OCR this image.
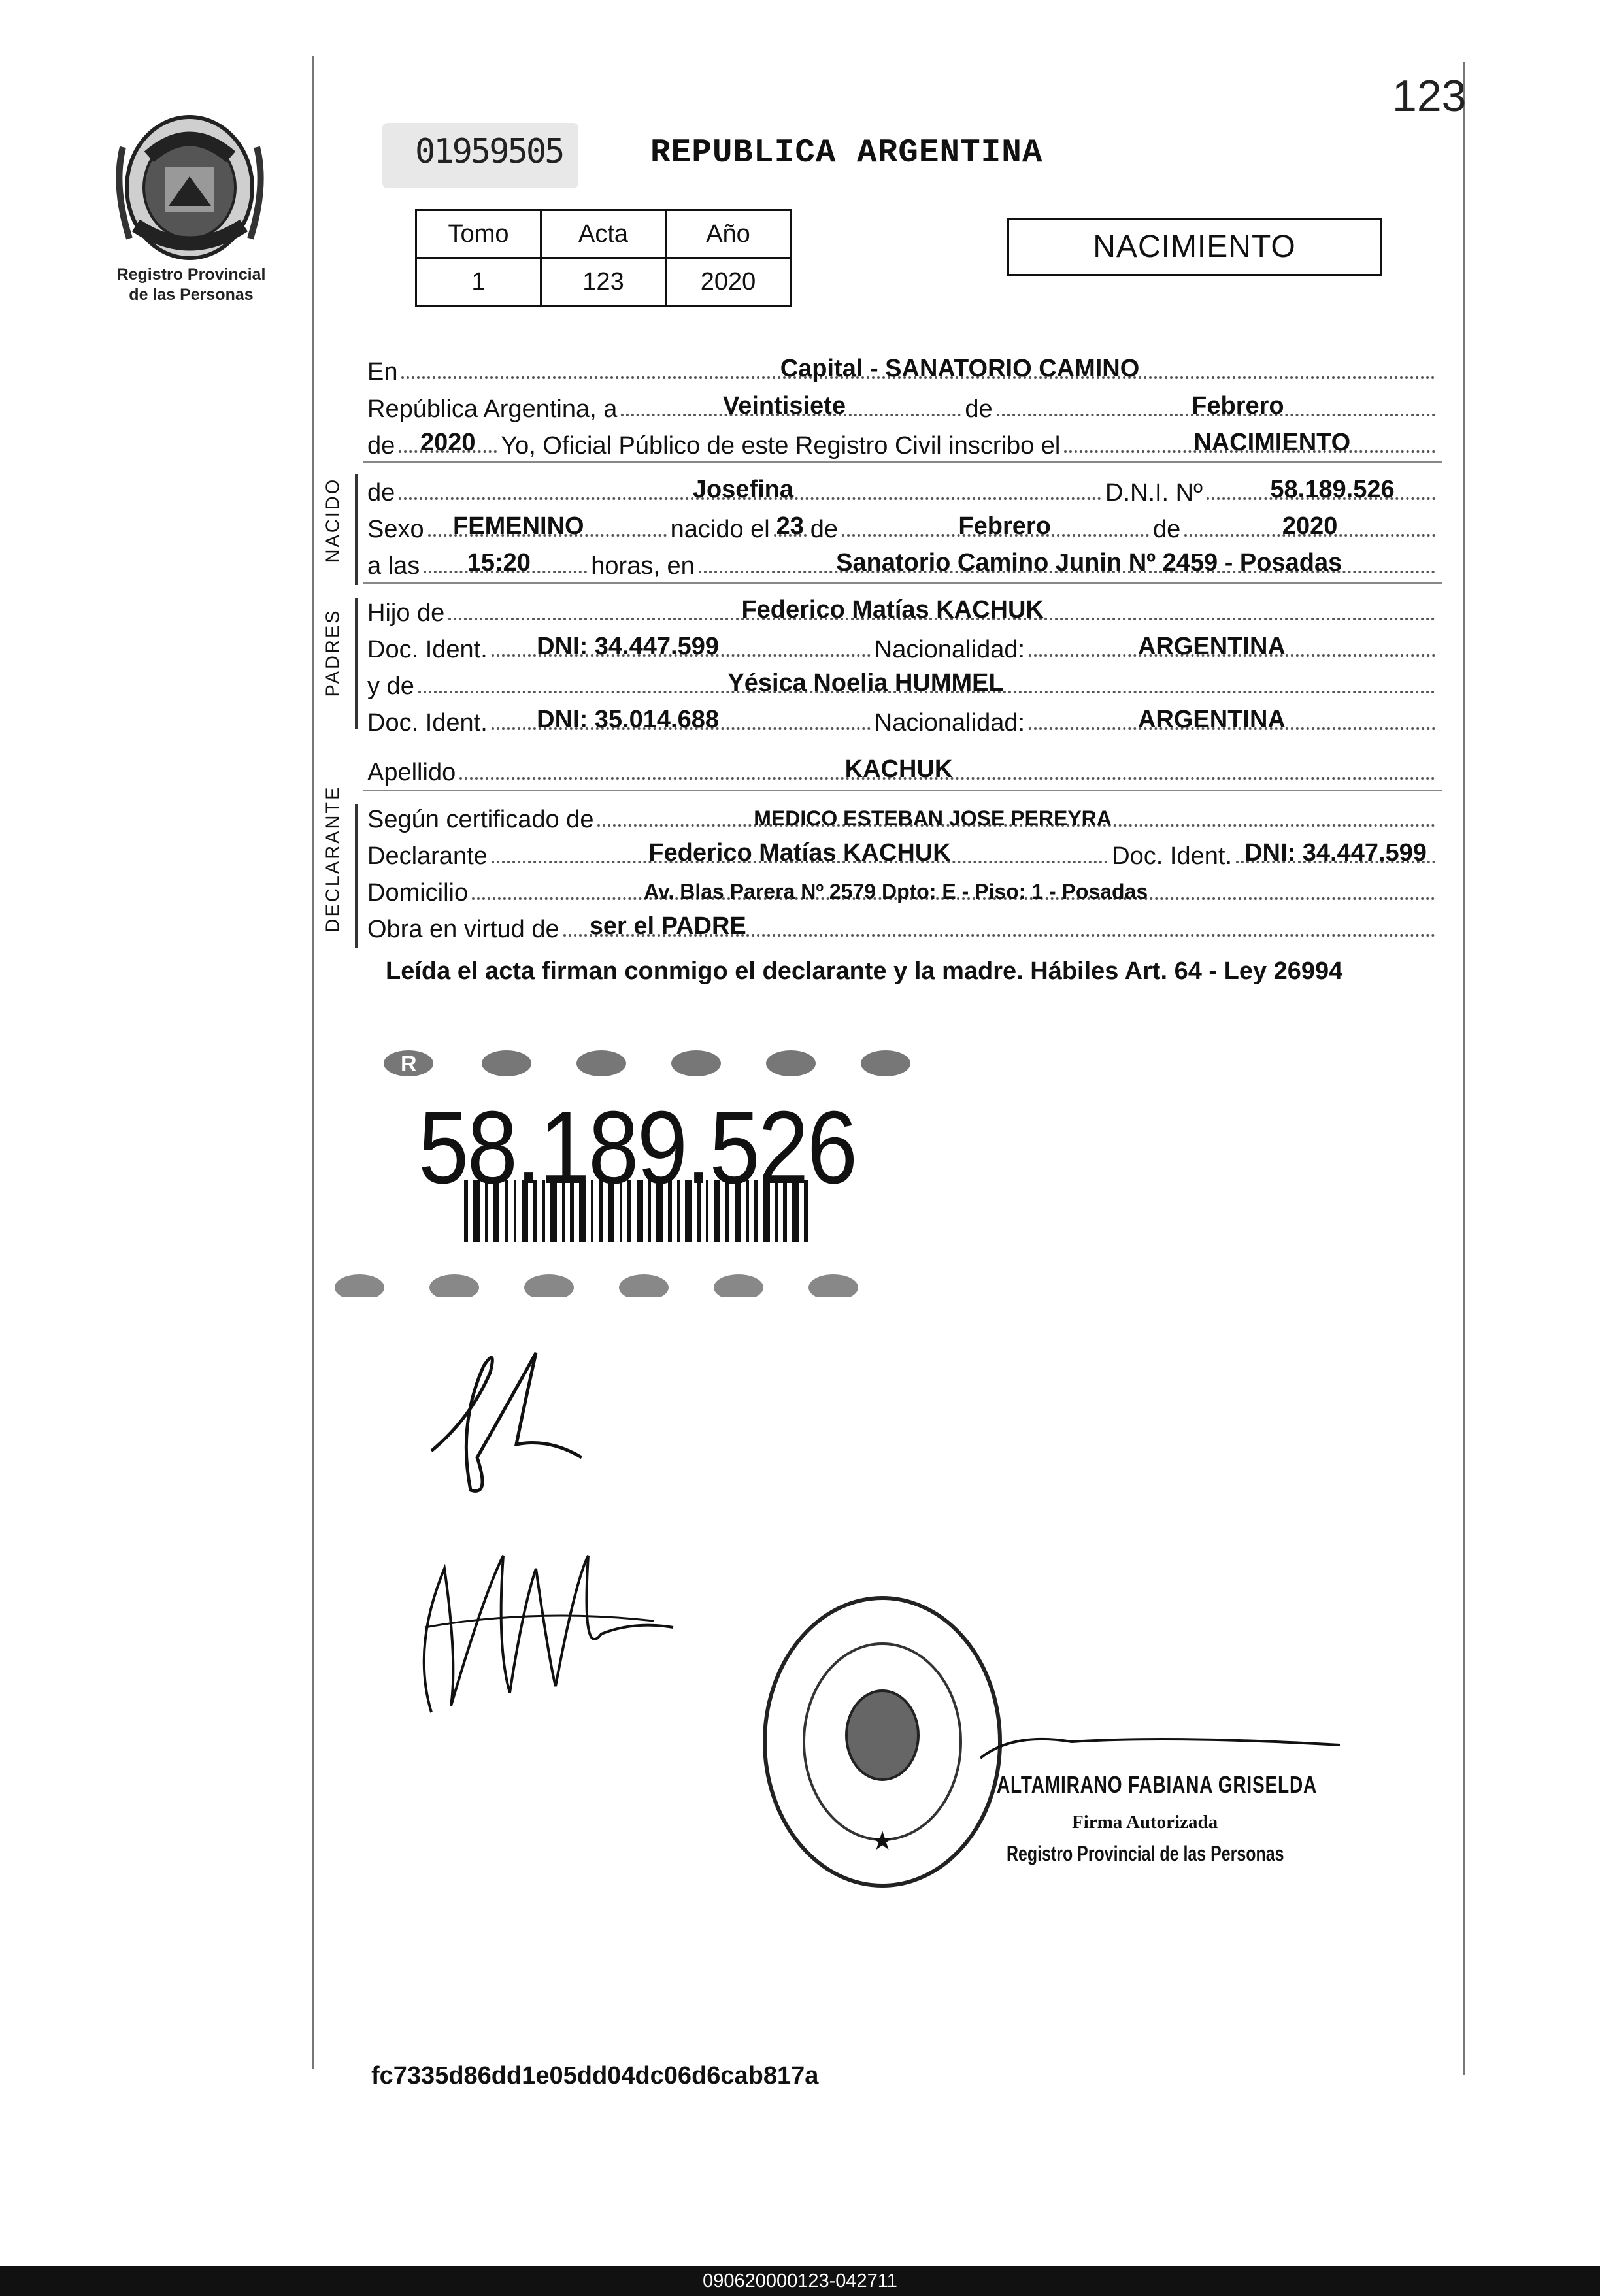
123
Registro Provincial
de las Personas
01959505	REPUBLICA ARGENTINA
Tomo	Acta	Año
1	123	2020
NACIMIENTO
En	Capital - SANATORIO CAMINO
República Argentina, a	Veintisiete	de	Febrero
de 2020 Yo, Oficial Público de este Registro Civil inscribo el	NACIMIENTO
NACIDO de	Josefina	D.N.I. Nº	58.189.526
Sexo FEMENINO	nacido el 23 de	Febrero	de	2020
a las 15:20 horas, en	Sanatorio Camino Junin Nº 2459 - Posadas
PADRES Hijo de	Federico Matías KACHUK
Doc. Ident. DNI: 34.447.599	Nacionalidad:	ARGENTINA
y de	Yésica Noelia HUMMEL
Doc. Ident. DNI: 35.014.688	Nacionalidad:	ARGENTINA
Apellido	KACHUK
DECLARANTE Según certificado de	MEDICO ESTEBAN JOSE PEREYRA
Declarante	Federico Matías KACHUK	Doc. Ident. DNI: 34.447.599
Domicilio	Av. Blas Parera Nº 2579 Dpto: E - Piso: 1 - Posadas
Obra en virtud de ser el PADRE
Leída el acta firman conmigo el declarante y la madre. Hábiles Art. 64 - Ley 26994
R
58.189.526
★
ALTAMIRANO FABIANA GRISELDA
Firma Autorizada
Registro Provincial de las Personas
fc7335d86dd1e05dd04dc06d6cab817a
090620000123-042711
